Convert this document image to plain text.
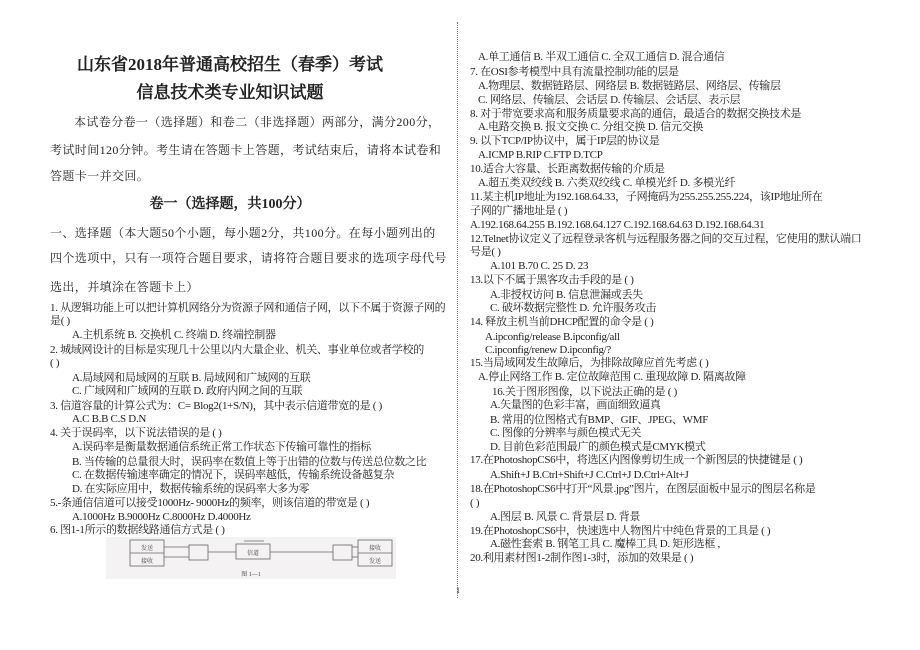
山东省2018年普通高校招生（春季）考试
信息技术类专业知识试题
本试卷分卷一（选择题）和卷二（非选择题）两部分，满分200分，
考试时间120分钟。考生请在答题卡上答题，考试结束后，请将本试卷和
答题卡一并交回。
卷一（选择题，共100分）
一、选择题（本大题50个小题，每小题2分，共100分。在每小题列出的
四个选项中，只有一项符合题目要求，请将符合题目要求的选项字母代号
选出，并填涂在答题卡上）
1. 从逻辑功能上可以把计算机网络分为资源子网和通信子网，以下不属于资源子网的
是( )
A.主机系统 B. 交换机 C. 终端 D. 终端控制器
2. 城域网设计的目标是实现几十公里以内大量企业、机关、事业单位或者学校的
( )
A.局域网和局域网的互联 B. 局域网和广域网的互联
C. 广域网和广域网的互联 D. 政府内网之间的互联
3. 信道容量的计算公式为：C= Blog2(1+S/N)，其中表示信道带宽的是 ( )
A.C B.B C.S D.N
4. 关于误码率，以下说法错误的是 ( )
A.误码率是衡量数据通信系统正常工作状态下传输可靠性的指标
B. 当传输的总量很大时，误码率在数值上等于出错的位数与传送总位数之比
C. 在数据传输速率确定的情况下，误码率越低，传输系统设备越复杂
D. 在实际应用中，数据传输系统的误码率大多为零
5.-条通信信道可以接受1000Hz- 9000Hz的频率，则该信道的带宽是 ( )
A.1000Hz B.9000Hz C.8000Hz D.4000Hz
6. 图1-1所示的数据线路通信方式是 ( )
发送
接收
信道
接收
发送
图 1—1
A.单工通信 B. 半双工通信 C. 全双工通信 D. 混合通信
7. 在OSI参考模型中具有流量控制功能的层是
A.物理层、数据链路层、网络层 B. 数据链路层、网络层、传输层
C. 网络层、传输层、会话层 D. 传输层、会话层、表示层
8. 对于带宽要求高和服务质量要求高的通信，最适合的数据交换技术是
A.电路交换 B. 报文交换 C. 分组交换 D. 信元交换
9. 以下TCP/IP协议中，属于IP层的协议是
A.ICMP B.RIP C.FTP D.TCP
10.适合大容量、长距离数据传输的介质是
A.超五类双绞线 B. 六类双绞线 C. 单模光纤 D. 多模光纤
11.某主机IP地址为192.168.64.33，子网掩码为255.255.255.224，该IP地址所在
子网的广播地址是 ( )
A.192.168.64.255 B.192.168.64.127 C.192.168.64.63 D.192.168.64.31
12.Telnet协议定义了远程登录客机与远程服务器之间的交互过程，它使用的默认端口
号是( )
A.101 B.70 C. 25 D. 23
13.以下不属于黑客攻击手段的是 ( )
A.非授权访问 B. 信息泄漏或丢失
C. 破坏数据完整性 D. 允许服务攻击
14. 释放主机当前DHCP配置的命令是 ( )
A.ipconfig/release B.ipconfig/all
C.ipconfig/renew D.ipconfig/?
15.当局域网发生故障后，为排除故障应首先考虑 ( )
A.停止网络工作 B. 定位故障范围 C. 重现故障 D. 隔离故障
16.关于图形图像，以下说法正确的是 ( )
A.矢量图的色彩丰富，画面细致逼真
B. 常用的位图格式有BMP、GIF、JPEG、WMF
C. 图像的分辨率与颜色模式无关
D. 目前色彩范围最广的颜色模式是CMYK模式
17.在PhotoshopCS6中，将选区内图像剪切生成一个新图层的快捷键是 ( )
A.Shift+J B.Ctrl+Shift+J C.Ctrl+J D.Ctrl+Alt+J
18.在PhotoshopCS6中打开“风景.jpg”图片，在图层面板中显示的图层名称是
( )
A.图层 B. 风景 C. 背景层 D. 背景
19.在PhotoshopCS6中，快速选中人物图片中纯色背景的工具是 ( )
A.磁性套索 B. 钢笔工具 C. 魔棒工具 D. 矩形选框 ,
20.利用素材图1-2制作图1-3时，添加的效果是 ( )
1
